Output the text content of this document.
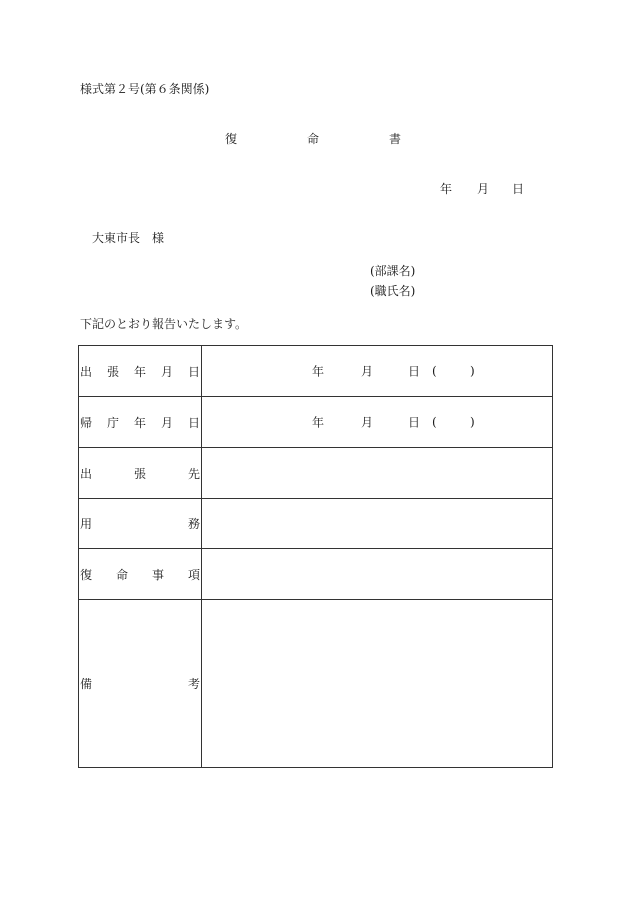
様式第２号(第６条関係)
復	命	書
年 月 日
大東市長　様
(部課名)
(職氏名)
下記のとおり報告いたします。
出 張 年 月 日	年 月 日 ( )

帰 庁 年 月 日	年 月 日 ( )

出 張 先	

用 務	

復 命 事 項	

備 考	
